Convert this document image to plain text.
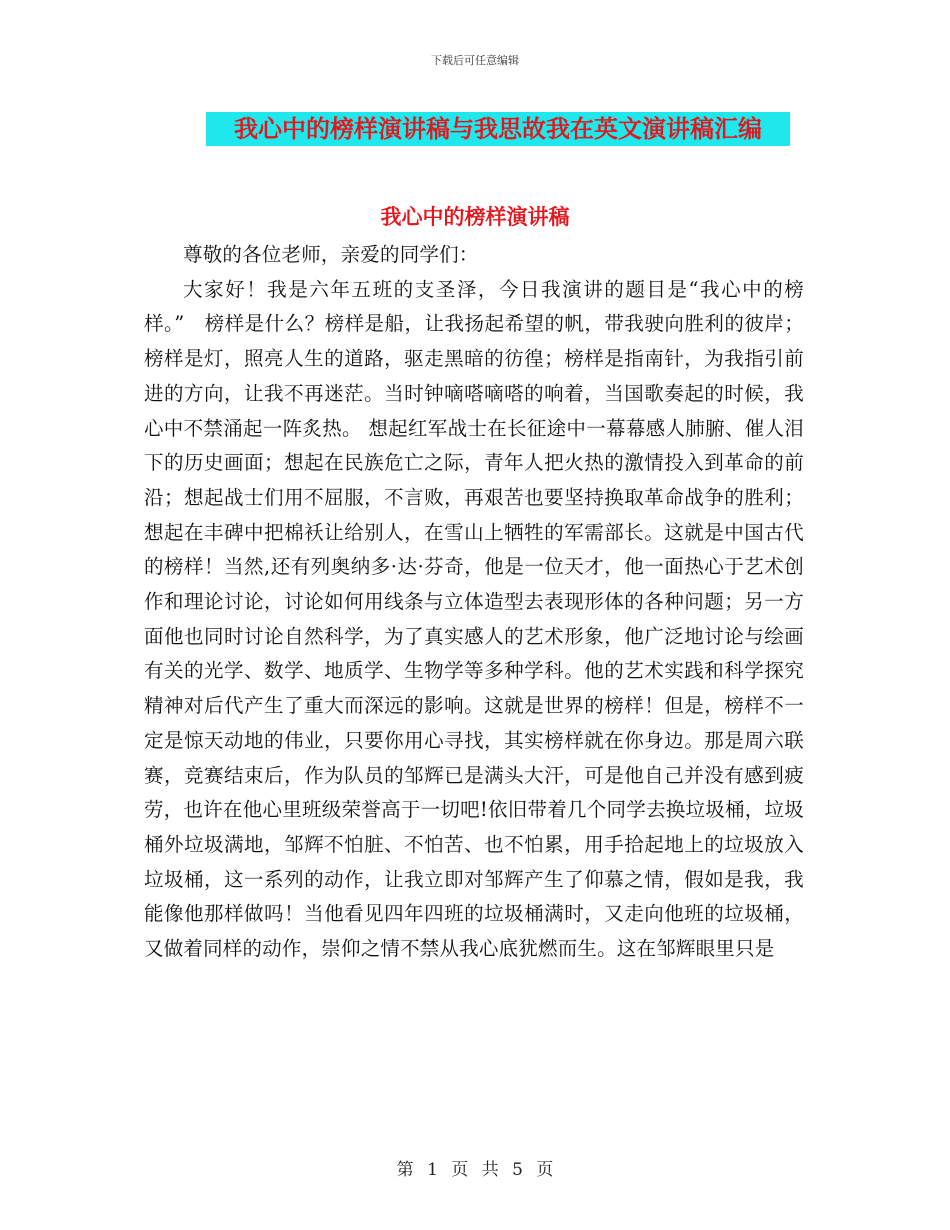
下载后可任意编辑
我心中的榜样演讲稿与我思故我在英文演讲稿汇编
我心中的榜样演讲稿

尊敬的各位老师，亲爱的同学们：

大家好！我是六年五班的支圣泽，今日我演讲的题目是“我心中的榜样。”　榜样是什么？榜样是船，让我扬起希望的帆，带我驶向胜利的彼岸；榜样是灯，照亮人生的道路，驱走黑暗的彷徨；榜样是指南针，为我指引前进的方向，让我不再迷茫。当时钟嘀嗒嘀嗒的响着，当国歌奏起的时候，我心中不禁涌起一阵炙热。 想起红军战士在长征途中一幕幕感人肺腑、催人泪下的历史画面；想起在民族危亡之际，青年人把火热的激情投入到革命的前沿；想起战士们用不屈服，不言败，再艰苦也要坚持换取革命战争的胜利；想起在丰碑中把棉袄让给别人，在雪山上牺牲的军需部长。这就是中国古代的榜样！当然,还有列奥纳多·达·芬奇，他是一位天才，他一面热心于艺术创作和理论讨论，讨论如何用线条与立体造型去表现形体的各种问题；另一方面他也同时讨论自然科学，为了真实感人的艺术形象，他广泛地讨论与绘画有关的光学、数学、地质学、生物学等多种学科。他的艺术实践和科学探究精神对后代产生了重大而深远的影响。这就是世界的榜样！但是，榜样不一定是惊天动地的伟业，只要你用心寻找，其实榜样就在你身边。那是周六联赛，竞赛结束后，作为队员的邹辉已是满头大汗，可是他自己并没有感到疲劳，也许在他心里班级荣誉高于一切吧!依旧带着几个同学去换垃圾桶，垃圾桶外垃圾满地，邹辉不怕脏、不怕苦、也不怕累，用手拾起地上的垃圾放入垃圾桶，这一系列的动作，让我立即对邹辉产生了仰慕之情，假如是我，我能像他那样做吗！当他看见四年四班的垃圾桶满时，又走向他班的垃圾桶，又做着同样的动作，崇仰之情不禁从我心底犹燃而生。这在邹辉眼里只是

第 1 页 共 5 页
